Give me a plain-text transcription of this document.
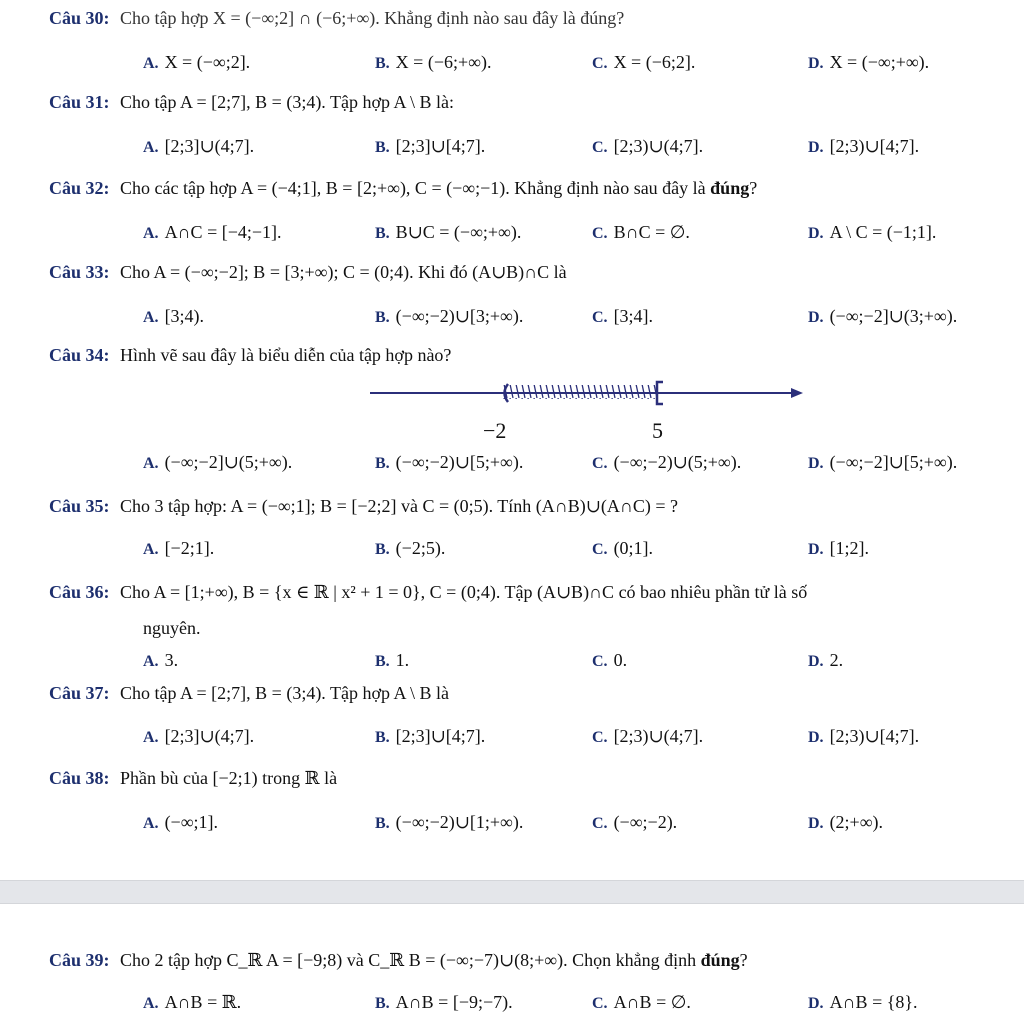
Câu 30: Cho tập hợp X = (−∞;2] ∩ (−6;+∞). Khẳng định nào sau đây là đúng?
A. X = (−∞;2].	B. X = (−6;+∞).	C. X = (−6;2].	D. X = (−∞;+∞).
Câu 31: Cho tập A = [2;7], B = (3;4). Tập hợp A \ B là:
A. [2;3]∪(4;7].	B. [2;3]∪[4;7].	C. [2;3)∪(4;7].	D. [2;3)∪[4;7].
Câu 32: Cho các tập hợp A = (−4;1], B = [2;+∞), C = (−∞;−1). Khẳng định nào sau đây là đúng?
A. A∩C = [−4;−1].	B. B∪C = (−∞;+∞).	C. B∩C = ∅.	D. A \ C = (−1;1].
Câu 33: Cho A = (−∞;−2]; B = [3;+∞); C = (0;4). Khi đó (A∪B)∩C là
A. [3;4).	B. (−∞;−2)∪[3;+∞).	C. [3;4].	D. (−∞;−2]∪(3;+∞).
Câu 34: Hình vẽ sau đây là biểu diễn của tập hợp nào?
−2	5
A. (−∞;−2]∪(5;+∞).	B. (−∞;−2)∪[5;+∞).	C. (−∞;−2)∪(5;+∞).	D. (−∞;−2]∪[5;+∞).
Câu 35: Cho 3 tập hợp: A = (−∞;1]; B = [−2;2] và C = (0;5). Tính (A∩B)∪(A∩C) = ?
A. [−2;1].	B. (−2;5).	C. (0;1].	D. [1;2].
Câu 36: Cho A = [1;+∞), B = {x ∈ ℝ | x² + 1 = 0}, C = (0;4). Tập (A∪B)∩C có bao nhiêu phần tử là số
nguyên.
A. 3.	B. 1.	C. 0.	D. 2.
Câu 37: Cho tập A = [2;7], B = (3;4). Tập hợp A \ B là
A. [2;3]∪(4;7].	B. [2;3]∪[4;7].	C. [2;3)∪(4;7].	D. [2;3)∪[4;7].
Câu 38: Phần bù của [−2;1) trong ℝ là
A. (−∞;1].	B. (−∞;−2)∪[1;+∞).	C. (−∞;−2).	D. (2;+∞).
Câu 39: Cho 2 tập hợp C_ℝ A = [−9;8) và C_ℝ B = (−∞;−7)∪(8;+∞). Chọn khẳng định đúng?
A. A∩B = ℝ.	B. A∩B = [−9;−7).	C. A∩B = ∅.	D. A∩B = {8}.
